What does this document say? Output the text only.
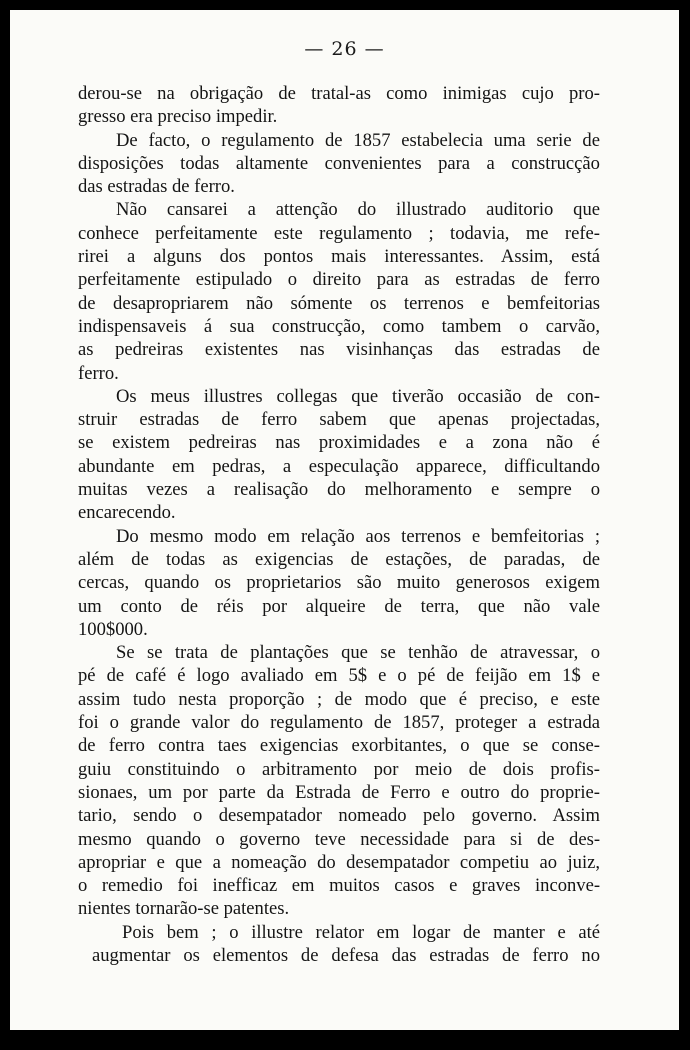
— 26 —
derou-se na obrigação de tratal-as como inimigas cujo pro-
gresso era preciso impedir.
De facto, o regulamento de 1857 estabelecia uma serie de
disposições todas altamente convenientes para a construcção
das estradas de ferro.
Não cansarei a attenção do illustrado auditorio que
conhece perfeitamente este regulamento ; todavia, me refe-
rirei a alguns dos pontos mais interessantes. Assim, está
perfeitamente estipulado o direito para as estradas de ferro
de desapropriarem não sómente os terrenos e bemfeitorias
indispensaveis á sua construcção, como tambem o carvão,
as pedreiras existentes nas visinhanças das estradas de
ferro.
Os meus illustres collegas que tiverão occasião de con-
struir estradas de ferro sabem que apenas projectadas,
se existem pedreiras nas proximidades e a zona não é
abundante em pedras, a especulação apparece, difficultando
muitas vezes a realisação do melhoramento e sempre o
encarecendo.
Do mesmo modo em relação aos terrenos e bemfeitorias ;
além de todas as exigencias de estações, de paradas, de
cercas, quando os proprietarios são muito generosos exigem
um conto de réis por alqueire de terra, que não vale
100$000.
Se se trata de plantações que se tenhão de atravessar, o
pé de café é logo avaliado em 5$ e o pé de feijão em 1$ e
assim tudo nesta proporção ; de modo que é preciso, e este
foi o grande valor do regulamento de 1857, proteger a estrada
de ferro contra taes exigencias exorbitantes, o que se conse-
guiu constituindo o arbitramento por meio de dois profis-
sionaes, um por parte da Estrada de Ferro e outro do proprie-
tario, sendo o desempatador nomeado pelo governo. Assim
mesmo quando o governo teve necessidade para si de des-
apropriar e que a nomeação do desempatador competiu ao juiz,
o remedio foi inefficaz em muitos casos e graves inconve-
nientes tornarão-se patentes.
Pois bem ; o illustre relator em logar de manter e até
augmentar os elementos de defesa das estradas de ferro no
